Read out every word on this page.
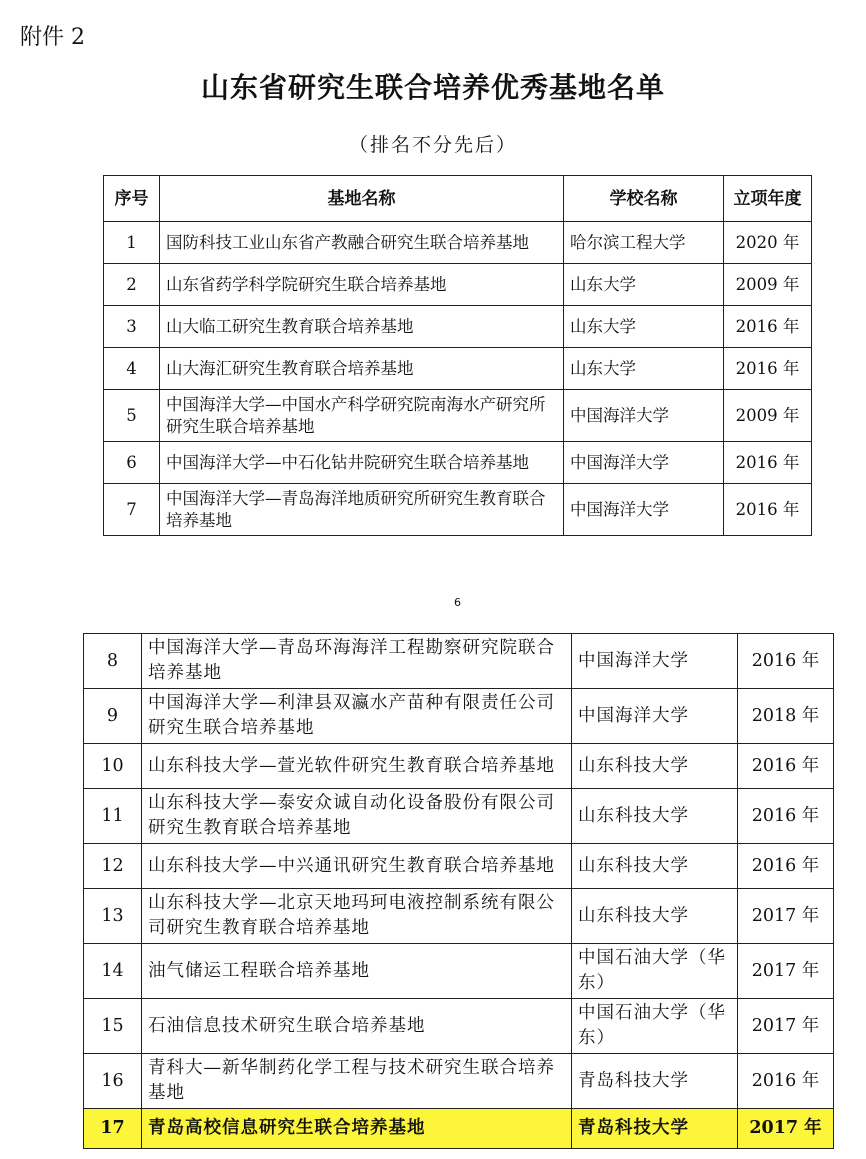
附件 2
山东省研究生联合培养优秀基地名单
（排名不分先后）
序号	基地名称	学校名称	立项年度
1	国防科技工业山东省产教融合研究生联合培养基地	哈尔滨工程大学	2020 年
2	山东省药学科学院研究生联合培养基地	山东大学	2009 年
3	山大临工研究生教育联合培养基地	山东大学	2016 年
4	山大海汇研究生教育联合培养基地	山东大学	2016 年
5	中国海洋大学—中国水产科学研究院南海水产研究所研究生联合培养基地	中国海洋大学	2009 年
6	中国海洋大学—中石化钻井院研究生联合培养基地	中国海洋大学	2016 年
7	中国海洋大学—青岛海洋地质研究所研究生教育联合培养基地	中国海洋大学	2016 年
6
8	中国海洋大学—青岛环海海洋工程勘察研究院联合培养基地	中国海洋大学	2016 年
9	中国海洋大学—利津县双瀛水产苗种有限责任公司研究生联合培养基地	中国海洋大学	2018 年
10	山东科技大学—萱光软件研究生教育联合培养基地	山东科技大学	2016 年
11	山东科技大学—泰安众诚自动化设备股份有限公司研究生教育联合培养基地	山东科技大学	2016 年
12	山东科技大学—中兴通讯研究生教育联合培养基地	山东科技大学	2016 年
13	山东科技大学—北京天地玛珂电液控制系统有限公司研究生教育联合培养基地	山东科技大学	2017 年
14	油气储运工程联合培养基地	中国石油大学（华东）	2017 年
15	石油信息技术研究生联合培养基地	中国石油大学（华东）	2017 年
16	青科大—新华制药化学工程与技术研究生联合培养基地	青岛科技大学	2016 年
17	青岛高校信息研究生联合培养基地	青岛科技大学	2017 年
